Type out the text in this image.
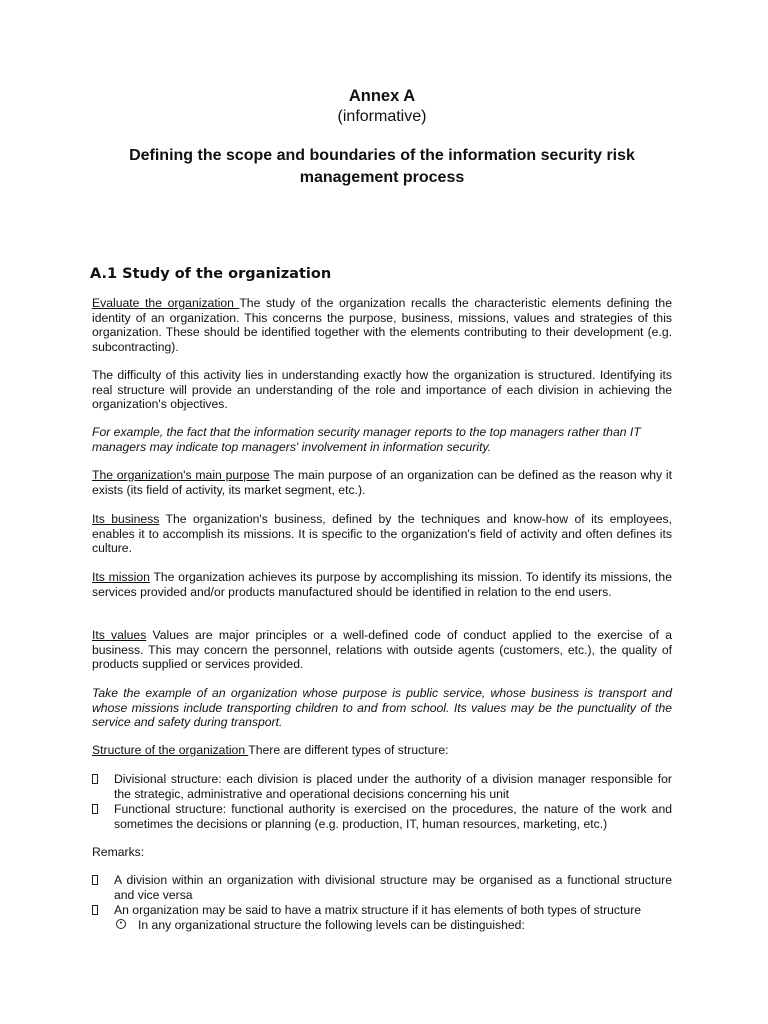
Annex A
(informative)
Defining the scope and boundaries of the information security risk management process
A.1 Study of the organization

Evaluate the organization The study of the organization recalls the characteristic elements defining the identity of an organization. This concerns the purpose, business, missions, values and strategies of this organization. These should be identified together with the elements contributing to their development (e.g. subcontracting).

The difficulty of this activity lies in understanding exactly how the organization is structured. Identifying its real structure will provide an understanding of the role and importance of each division in achieving the organization's objectives.

For example, the fact that the information security manager reports to the top managers rather than IT managers may indicate top managers' involvement in information security.

The organization's main purpose The main purpose of an organization can be defined as the reason why it exists (its field of activity, its market segment, etc.).

Its business The organization's business, defined by the techniques and know-how of its employees, enables it to accomplish its missions. It is specific to the organization's field of activity and often defines its culture.

Its mission The organization achieves its purpose by accomplishing its mission. To identify its missions, the services provided and/or products manufactured should be identified in relation to the end users.

Its values Values are major principles or a well-defined code of conduct applied to the exercise of a business. This may concern the personnel, relations with outside agents (customers, etc.), the quality of products supplied or services provided.

Take the example of an organization whose purpose is public service, whose business is transport and whose missions include transporting children to and from school. Its values may be the punctuality of the service and safety during transport.

Structure of the organization There are different types of structure:

Divisional structure: each division is placed under the authority of a division manager responsible for the strategic, administrative and operational decisions concerning his unit
Functional structure: functional authority is exercised on the procedures, the nature of the work and sometimes the decisions or planning (e.g. production, IT, human resources, marketing, etc.)

Remarks:

A division within an organization with divisional structure may be organised as a functional structure and vice versa
An organization may be said to have a matrix structure if it has elements of both types of structure
•	In any organizational structure the following levels can be distinguished:
